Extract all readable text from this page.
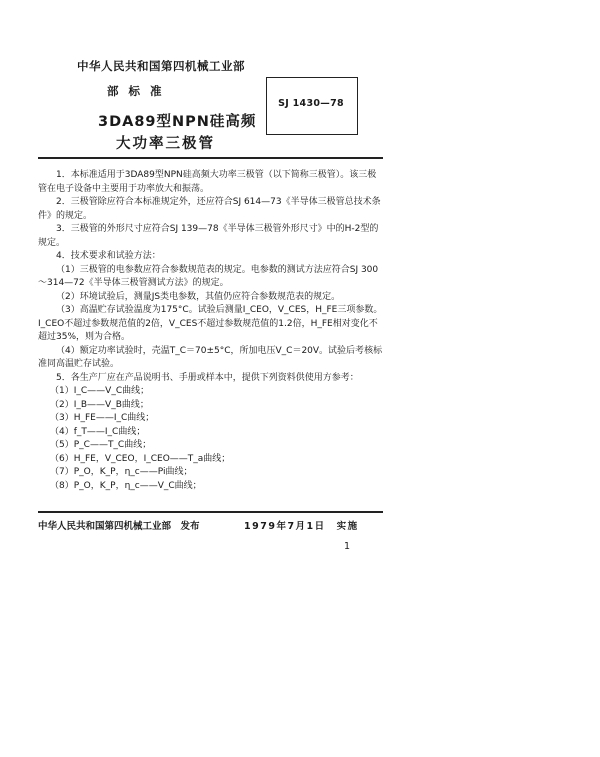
中华人民共和国第四机械工业部
部标准
SJ 1430—78
3DA89型NPN硅高频
大功率三极管

1．本标准适用于3DA89型NPN硅高频大功率三极管（以下简称三极管）。该三极管在电子设备中主要用于功率放大和振荡。

2．三极管除应符合本标准规定外，还应符合SJ 614—73《半导体三极管总技术条件》的规定。

3．三极管的外形尺寸应符合SJ 139—78《半导体三极管外形尺寸》中的H-2型的规定。

4．技术要求和试验方法：

（1）三极管的电参数应符合参数规范表的规定。电参数的测试方法应符合SJ 300～314—72《半导体三极管测试方法》的规定。

（2）环境试验后，测量JS类电参数，其值仍应符合参数规范表的规定。

（3）高温贮存试验温度为175°C。试验后测量I_CEO，V_CES，H_FE三项参数。I_CEO不超过参数规范值的2倍，V_CES不超过参数规范值的1.2倍，H_FE相对变化不超过35%，则为合格。

（4）额定功率试验时，壳温T_C＝70±5°C，所加电压V_C＝20V。试验后考核标准同高温贮存试验。

5．各生产厂应在产品说明书、手册或样本中，提供下列资料供使用方参考：

（1）I_C——V_C曲线；

（2）I_B——V_B曲线；

（3）H_FE——I_C曲线；

（4）f_T——I_C曲线；

（5）P_C——T_C曲线；

（6）H_FE，V_CEO，I_CEO——T_a曲线；

（7）P_O，K_P，η_c——Pi曲线；

（8）P_O，K_P，η_c——V_C曲线；

中华人民共和国第四机械工业部　发布	1979年7月1日　实施
1
